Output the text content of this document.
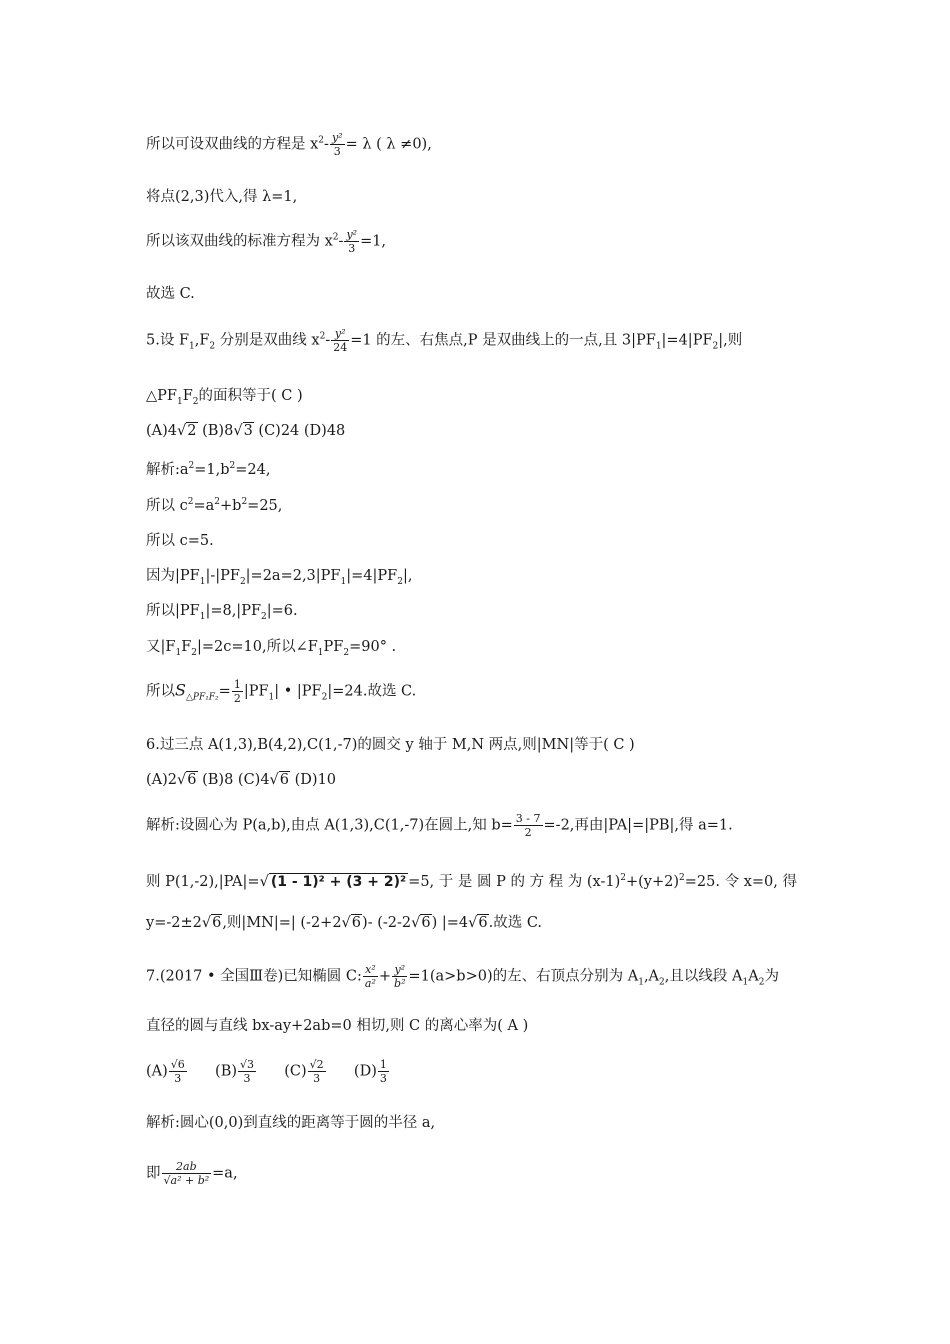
所以可设双曲线的方程是 $x^2- \frac{\text{y²}}{3} = \lambda$ ( λ ≠0),
将点(2,3)代入,得 λ=1,
所以该双曲线的标准方程为 $x^2- \frac{\text{y²}}{3} =1$,
故选 C.
5.设 $F_1,F_2$ 分别是双曲线 $x^2- \frac{\text{y²}}{24} =1$ 的左、右焦点,P 是双曲线上的一点,且 $3|PF_1|=4|PF_2|$,则
$\triangle PF_1F_2$的面积等于( C )
(A)4√2 (B)8√3 (C)24 (D)48
解析$:a^2=1,b^2=24$,
所以 $c^2=a^2+b^2=25$,
所以 c=5.
因为$|PF_1|-|PF_2|=2a=2,3|PF_1|=4|PF_2|$,
所以$|PF_1|=8,|PF_2|=6$.
又$|F_1F_2|=2c=10$,所以$\angle F_1PF_2=90^\circ$ .
所以$S_{\triangle PF_1F_2}= \frac{1}{2} |PF_1|$ • $|PF_2|=24$.故选 C.
6.过三点 A(1,3),B(4,2),C(1,-7)的圆交 y 轴于 M,N 两点,则|MN|等于( C )
(A)2√6 (B)8 (C)4√6 (D)10
解析:设圆心为 P(a,b),由点 A(1,3),C(1,-7)在圆上,知 $b= \frac{3 - 7}{2} =-2$,再由|PA|=|PB|,得 a=1.
则 P(1,-2),|PA|=√ (1 - 1)² + (3 + 2)² =5, 于 是 圆 P 的 方 程 为 $(x-1)^2+(y+2)^2=25$. 令 x=0, 得
y=-2±2√6,则|MN|=| (-2+2√6)- (-2-2√6) |=4√6.故选 C.
7.(2017 • 全国Ⅲ卷)已知椭圆 C: $\frac{\text{x²}}{\text{a²}} + \frac{\text{y²}}{\text{b²}} =1(a>b>0)$的左、右顶点分别为 $A_1,A_2$,且以线段 $A_1A_2$为
直径的圆与直线 bx-ay+2ab=0 相切,则 C 的离心率为( A )
$(A) \frac{√6}{3} (B) \frac{√3}{3} (C) \frac{√2}{3} (D) \frac{1}{3}$
解析:圆心(0,0)到直线的距离等于圆的半径 a,
即 $\frac{2ab}{\text{√a² + b²}} =a$,
